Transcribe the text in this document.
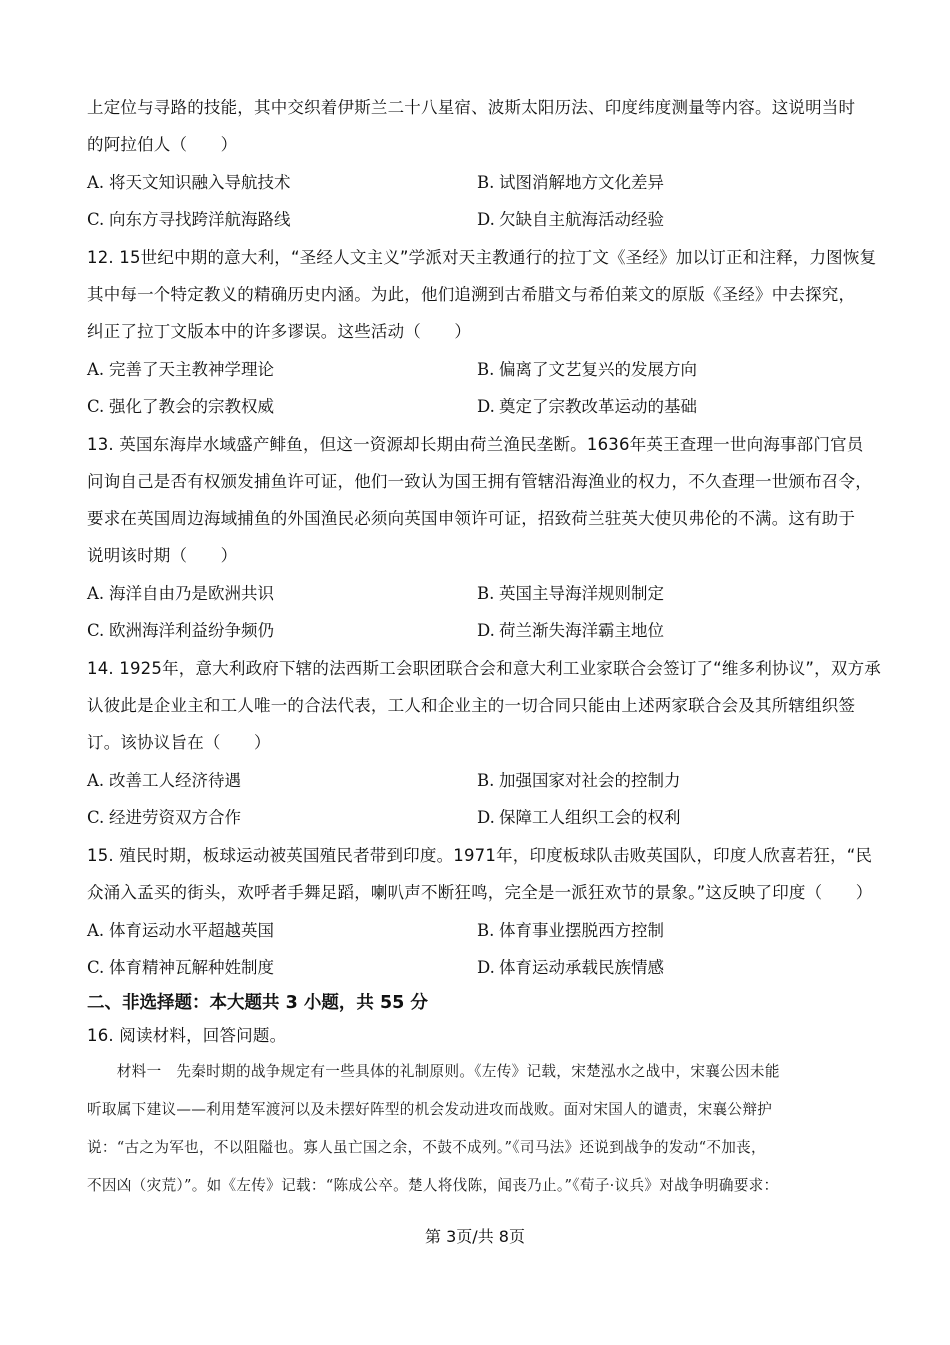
上定位与寻路的技能，其中交织着伊斯兰二十八星宿、波斯太阳历法、印度纬度测量等内容。这说明当时
的阿拉伯人（　　）
A. 将天文知识融入导航技术	B. 试图消解地方文化差异
C. 向东方寻找跨洋航海路线	D. 欠缺自主航海活动经验
12. 15世纪中期的意大利，“圣经人文主义”学派对天主教通行的拉丁文《圣经》加以订正和注释，力图恢复
其中每一个特定教义的精确历史内涵。为此，他们追溯到古希腊文与希伯莱文的原版《圣经》中去探究，
纠正了拉丁文版本中的许多谬误。这些活动（　　）
A. 完善了天主教神学理论	B. 偏离了文艺复兴的发展方向
C. 强化了教会的宗教权威	D. 奠定了宗教改革运动的基础
13. 英国东海岸水域盛产鲱鱼，但这一资源却长期由荷兰渔民垄断。1636年英王查理一世向海事部门官员
问询自己是否有权颁发捕鱼许可证，他们一致认为国王拥有管辖沿海渔业的权力，不久查理一世颁布召令，
要求在英国周边海域捕鱼的外国渔民必须向英国申领许可证，招致荷兰驻英大使贝弗伦的不满。这有助于
说明该时期（　　）
A. 海洋自由乃是欧洲共识	B. 英国主导海洋规则制定
C. 欧洲海洋利益纷争频仍	D. 荷兰渐失海洋霸主地位
14. 1925年，意大利政府下辖的法西斯工会职团联合会和意大利工业家联合会签订了“维多利协议”，双方承
认彼此是企业主和工人唯一的合法代表，工人和企业主的一切合同只能由上述两家联合会及其所辖组织签
订。该协议旨在（　　）
A. 改善工人经济待遇	B. 加强国家对社会的控制力
C. 经进劳资双方合作	D. 保障工人组织工会的权利
15. 殖民时期，板球运动被英国殖民者带到印度。1971年，印度板球队击败英国队，印度人欣喜若狂，“民
众涌入孟买的街头，欢呼者手舞足蹈，喇叭声不断狂鸣，完全是一派狂欢节的景象。”这反映了印度（　　）
A. 体育运动水平超越英国	B. 体育事业摆脱西方控制
C. 体育精神瓦解种姓制度	D. 体育运动承载民族情感
二、非选择题：本大题共 3 小题，共 55 分
16. 阅读材料，回答问题。
　　材料一　先秦时期的战争规定有一些具体的礼制原则。《左传》记载，宋楚泓水之战中，宋襄公因未能
听取属下建议——利用楚军渡河以及未摆好阵型的机会发动进攻而战败。面对宋国人的谴责，宋襄公辩护
说：“古之为军也，不以阻隘也。寡人虽亡国之余，不鼓不成列。”《司马法》还说到战争的发动“不加丧，
不因凶（灾荒）”。如《左传》记载：“陈成公卒。楚人将伐陈，闻丧乃止。”《荀子·议兵》对战争明确要求：
第 3页/共 8页
